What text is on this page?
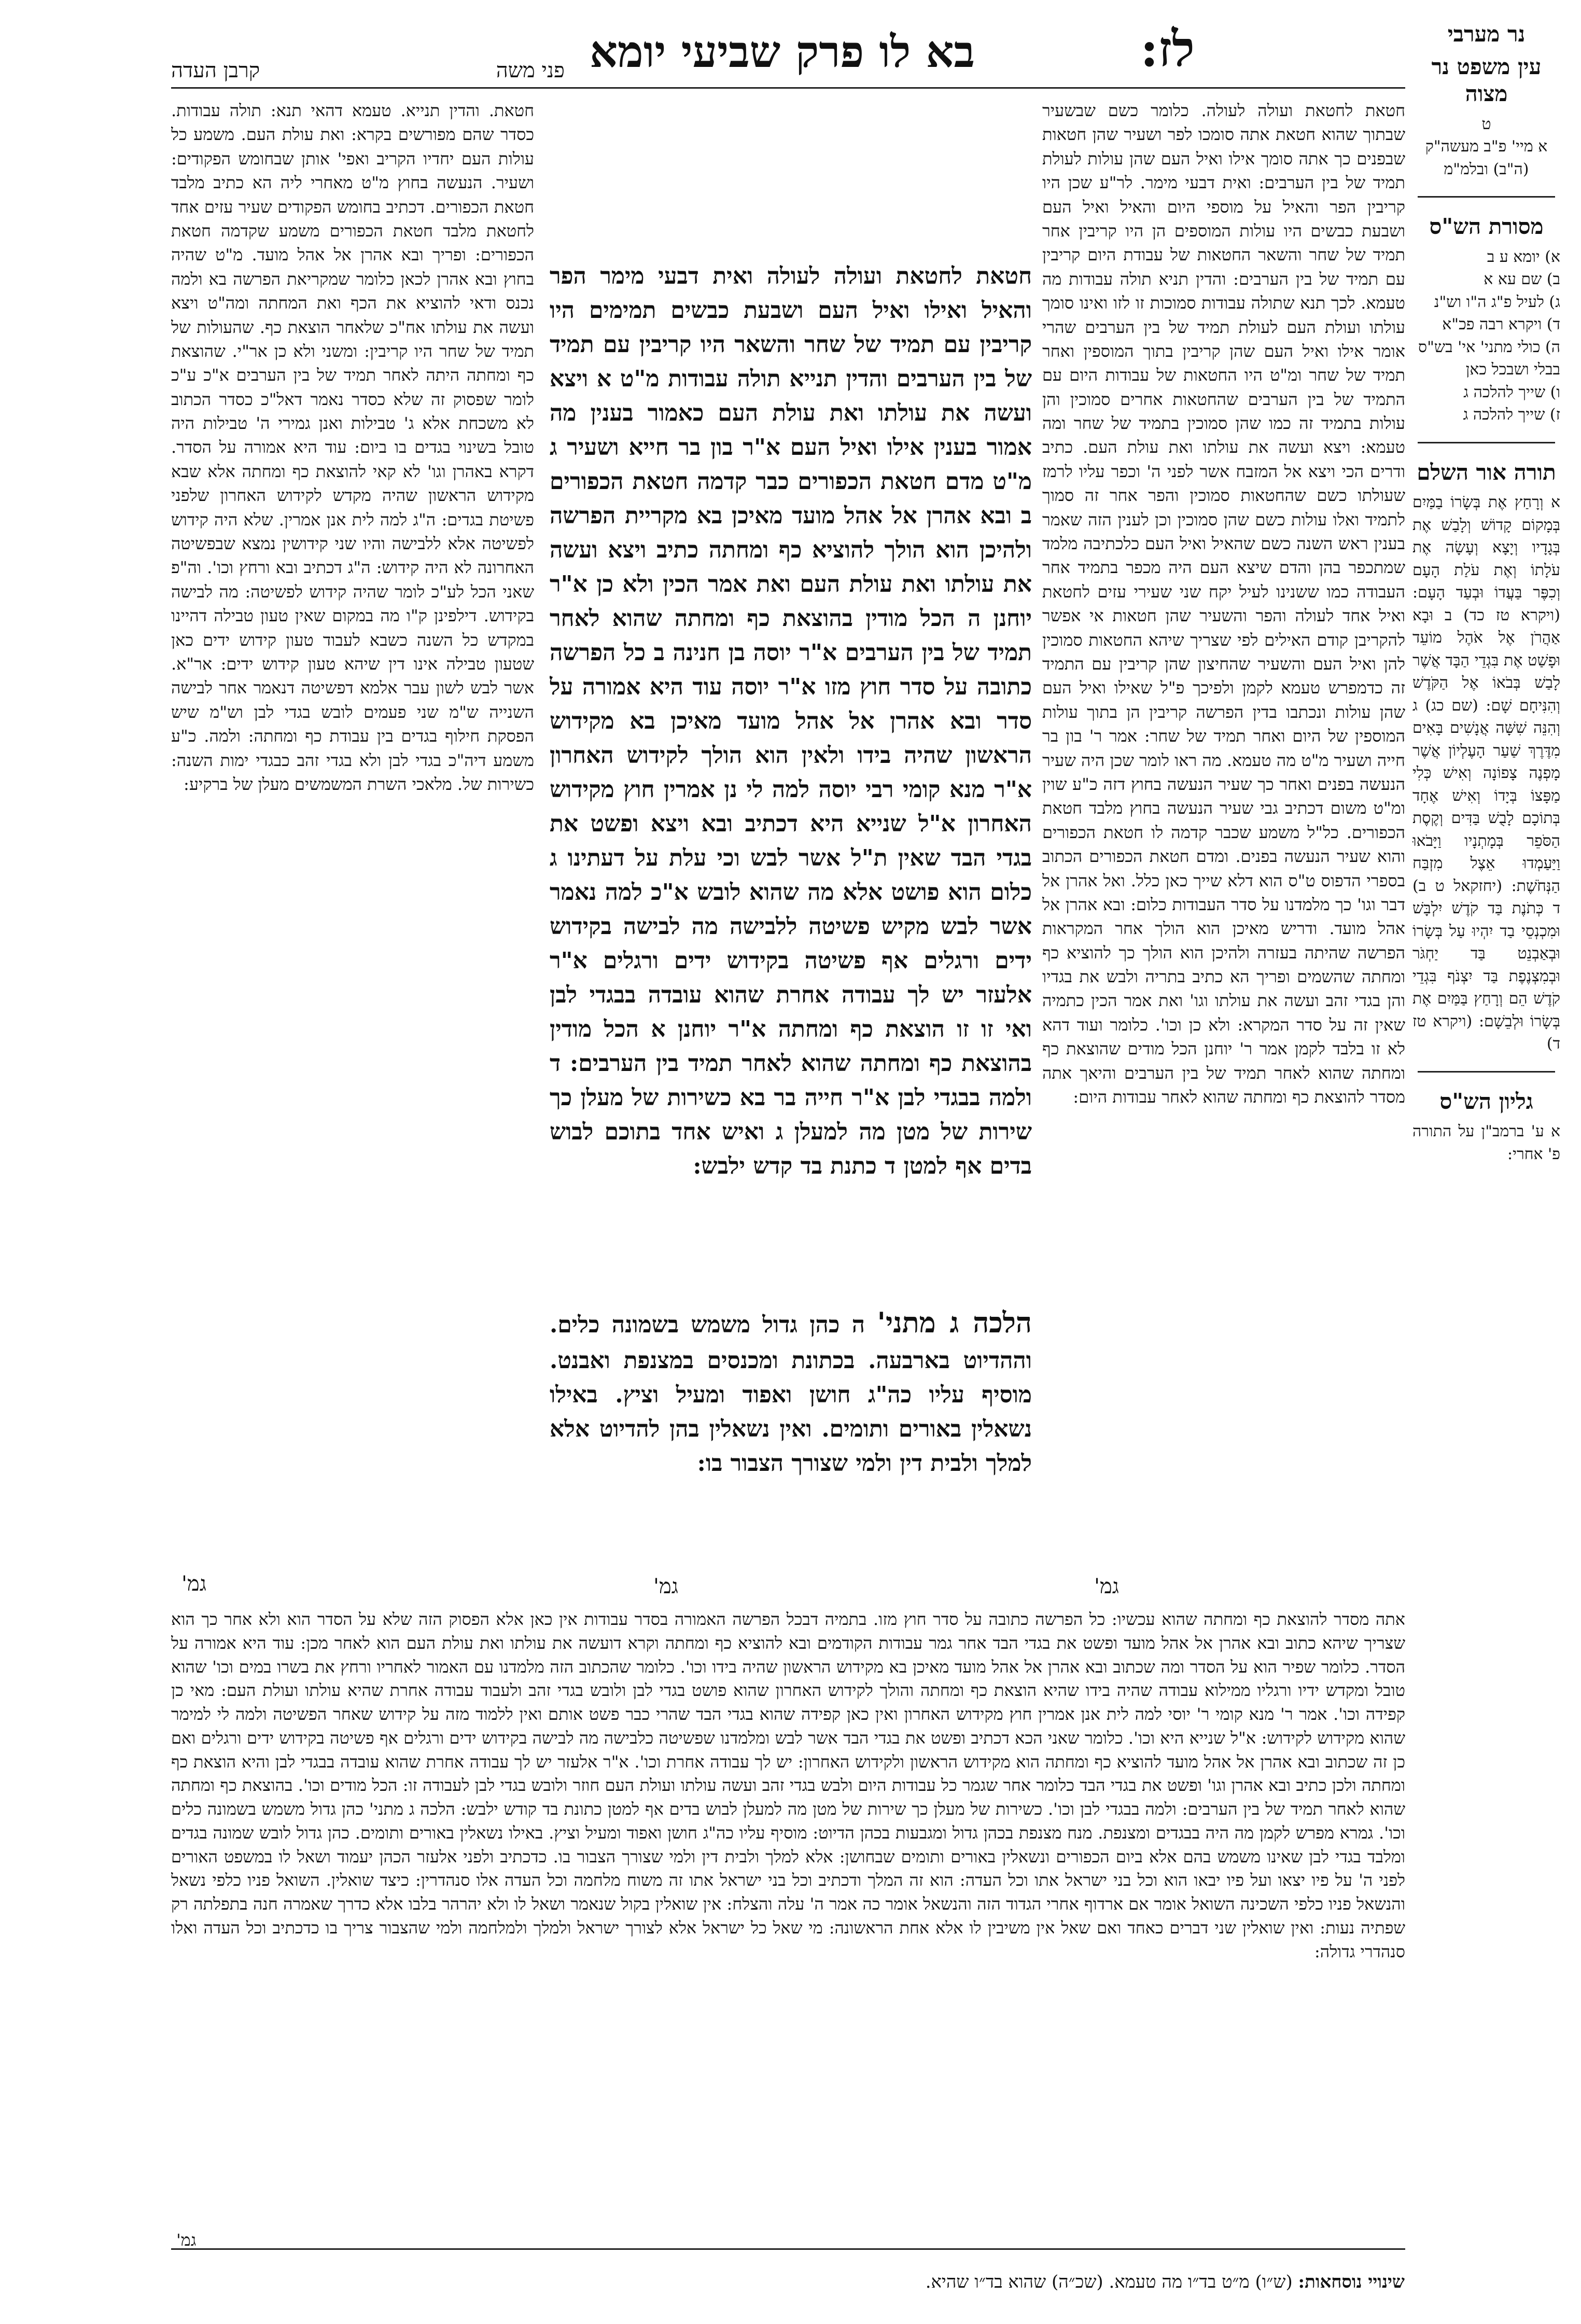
לז:
בא לו פרק שביעי יומא
פני משה
קרבן העדה
נר מערבי
עין משפט נר מצוה
ט
א מיי' פ"ב מעשה"ק
(ה"ב) ובלמ"מ
מסורת הש"ס
א) יומא ע ב
ב) שם עא א
ג) לעיל פ"ג ה"ו וש"נ
ד) ויקרא רבה פכ"א
ה) כולי מתני' אי' בש"ס
בבלי ושבכל כאן
ו) שייך להלכה ג
ז) שייך להלכה ג
תורה אור השלם
א וְרָחַץ אֶת בְּשָׂרוֹ בַמַּיִם בְּמָקוֹם קָדוֹשׁ וְלָבַשׁ אֶת בְּגָדָיו וְיָצָא וְעָשָׂה אֶת עֹלָתוֹ וְאֶת עֹלַת הָעָם וְכִפֶּר בַּעֲדוֹ וּבְעַד הָעָם: (ויקרא טז כד) ב וּבָא אַהֲרֹן אֶל אֹהֶל מוֹעֵד וּפָשַׁט אֶת בִּגְדֵי הַבָּד אֲשֶׁר לָבַשׁ בְּבֹאוֹ אֶל הַקֹּדֶשׁ וְהִנִּיחָם שָׁם: (שם כג) ג וְהִנֵּה שִׁשָּׁה אֲנָשִׁים בָּאִים מִדֶּרֶךְ שַׁעַר הָעֶלְיוֹן אֲשֶׁר מָפְנֶה צָפוֹנָה וְאִישׁ כְּלִי מַפָּצוֹ בְּיָדוֹ וְאִישׁ אֶחָד בְּתוֹכָם לָבֻשׁ בַּדִּים וְקֶסֶת הַסֹּפֵר בְּמָתְנָיו וַיָּבֹאוּ וַיַּעַמְדוּ אֵצֶל מִזְבַּח הַנְּחֹשֶׁת: (יחזקאל ט ב) ד כְּתֹנֶת בַּד קֹדֶשׁ יִלְבָּשׁ וּמִכְנְסֵי בַד יִהְיוּ עַל בְּשָׂרוֹ וּבְאַבְנֵט בַּד יַחְגֹּר וּבְמִצְנֶפֶת בַּד יִצְנֹף בִּגְדֵי קֹדֶשׁ הֵם וְרָחַץ בַּמַּיִם אֶת בְּשָׂרוֹ וּלְבֵשָׁם: (ויקרא טז ד)
גליון הש"ס
א ע' ברמב"ן על התורה פ' אחרי:
חטאת לחטאת ועולה לעולה. כלומר כשם שבשעיר שבתוך שהוא חטאת אתה סומכו לפר ושעיר שהן חטאות שבפנים כך אתה סומך אילו ואיל העם שהן עולות לעולת תמיד של בין הערבים: ואית דבעי מימר. לר"ע שכן היו קריבין הפר והאיל על מוספי היום והאיל ואיל העם ושבעת כבשים היו עולות המוספים הן היו קריבין אחר תמיד של שחר והשאר החטאות של עבודת היום קריבין עם תמיד של בין הערבים: והדין תניא תולה עבודות מה טעמא. לכך תנא שתולה עבודות סמוכות זו לזו ואינו סומך עולתו ועולת העם לעולת תמיד של בין הערבים שהרי אומר אילו ואיל העם שהן קריבין בתוך המוספין ואחר תמיד של שחר ומ"ט היו החטאות של עבודות היום עם התמיד של בין הערבים שהחטאות אחרים סמוכין והן עולות בתמיד זה כמו שהן סמוכין בתמיד של שחר ומה טעמא: ויצא ועשה את עולתו ואת עולת העם. כתיב ודרים הכי ויצא אל המזבח אשר לפני ה' וכפר עליו לרמז שעולתו כשם שהחטאות סמוכין והפר אחר זה סמוך לתמיד ואלו עולות כשם שהן סמוכין וכן לענין הזה שאמר בענין ראש השנה כשם שהאיל ואיל העם כלכתיבה מלמד שמתכפר בהן והדם שיצא העם היה מכפר בתמיד אחר העבודה כמו ששנינו לעיל יקח שני שעירי עזים לחטאת ואיל אחד לעולה והפר והשעיר שהן חטאות אי אפשר להקריבן קודם האילים לפי שצריך שיהא החטאות סמוכין להן ואיל העם והשעיר שהחיצון שהן קריבין עם התמיד זה כדמפרש טעמא לקמן ולפיכך פ"ל שאילו ואיל העם שהן עולות ונכתבו בדין הפרשה קריבין הן בתוך עולות המוספין של היום ואחר תמיד של שחר: אמר ר' בון בר חייה ושעיר מ"ט מה טעמא. מה ראו לומר שכן היה שעיר הנעשה בפנים ואחר כך שעיר הנעשה בחוץ דזה כ"ע שוין ומ"ט משום דכתיב גבי שעיר הנעשה בחוץ מלבד חטאת הכפורים. כל"ל משמע שכבר קדמה לו חטאת הכפורים והוא שעיר הנעשה בפנים. ומדם חטאת הכפורים הכתוב בספרי הדפוס ט"ס הוא דלא שייך כאן כלל. ואל אהרן אל דבר וגו' כך מלמדנו על סדר העבודות כלום: ובא אהרן אל אהל מועד. ודריש מאיכן הוא הולך אחר המקראות הפרשה שהיתה בעזרה ולהיכן הוא הולך כך להוציא כף ומחתה שהשמים ופריך הא כתיב בתריה ולבש את בגדיו והן בגדי זהב ועשה את עולתו וגו' ואת אמר הכין כתמיה שאין זה על סדר המקרא: ולא כן וכו'. כלומר ועוד דהא לא זו בלבד לקמן אמר ר' יוחנן הכל מודים שהוצאת כף ומחתה שהוא לאחר תמיד של בין הערבים והיאך אתה מסדר להוצאת כף ומחתה שהוא לאחר עבודות היום:
חטאת לחטאת ועולה לעולה ואית דבעי מימר הפר והאיל ואילו ואיל העם ושבעת כבשים תמימים היו קריבין עם תמיד של שחר והשאר היו קריבין עם תמיד של בין הערבים והדין תנייא תולה עבודות מ"ט א ויצא ועשה את עולתו ואת עולת העם כאמור בענין מה אמור בענין אילו ואיל העם א"ר בון בר חייא ושעיר ג מ"ט מדם חטאת הכפורים כבר קדמה חטאת הכפורים ב ובא אהרן אל אהל מועד מאיכן בא מקריית הפרשה ולהיכן הוא הולך להוציא כף ומחתה כתיב ויצא ועשה את עולתו ואת עולת העם ואת אמר הכין ולא כן א"ר יוחנן ה הכל מודין בהוצאת כף ומחתה שהוא לאחר תמיד של בין הערבים א"ר יוסה בן חנינה ב כל הפרשה כתובה על סדר חוץ מזו א"ר יוסה עוד היא אמורה על סדר ובא אהרן אל אהל מועד מאיכן בא מקידוש הראשון שהיה בידו ולאין הוא הולך לקידוש האחרון א"ר מנא קומי רבי יוסה למה לי נן אמרין חוץ מקידוש האחרון א"ל שנייא היא דכתיב ובא ויצא ופשט את בגדי הבד שאין ת"ל אשר לבש וכי עלת על דעתינו ג כלום הוא פושט אלא מה שהוא לובש א"כ למה נאמר אשר לבש מקיש פשיטה ללבישה מה לבישה בקידוש ידים ורגלים אף פשיטה בקידוש ידים ורגלים א"ר אלעזר יש לך עבודה אחרת שהוא עובדה בבגדי לבן ואי זו זו הוצאת כף ומחתה א"ר יוחנן א הכל מודין בהוצאת כף ומחתה שהוא לאחר תמיד בין הערבים: ד ולמה בבגדי לבן א"ר חייה בר בא כשירות של מעלן כך שירות של מטן מה למעלן ג ואיש אחד בתוכם לבוש בדים אף למטן ד כתנת בד קדש ילבש:
הלכה ג מתני' ה כהן גדול משמש בשמונה כלים. וההדיוט בארבעה. בכתונת ומכנסים במצנפת ואבנט. מוסיף עליו כה"ג חושן ואפוד ומעיל וציץ. באילו נשאלין באורים ותומים. ואין נשאלין בהן להדיוט אלא למלך ולבית דין ולמי שצורך הצבור בו:
חטאת. והדין תנייא. טעמא דהאי תנא: תולה עבודות. כסדר שהם מפורשים בקרא: ואת עולת העם. משמע כל עולות העם יחדיו הקריב ואפי' אותן שבחומש הפקודים: ושעיר. הנעשה בחוץ מ"ט מאחרי ליה הא כתיב מלבד חטאת הכפורים. דכתיב בחומש הפקודים שעיר עזים אחד לחטאת מלבד חטאת הכפורים משמע שקדמה חטאת הכפורים: ופריך ובא אהרן אל אהל מועד. מ"ט שהיה בחוץ ובא אהרן לכאן כלומר שמקריאת הפרשה בא ולמה נכנס ודאי להוציא את הכף ואת המחתה ומה"ט ויצא ועשה את עולתו אח"כ שלאחר הוצאת כף. שהעולות של תמיד של שחר היו קריבין: ומשני ולא כן אר"י. שהוצאת כף ומחתה היתה לאחר תמיד של בין הערבים א"כ ע"כ לומר שפסוק זה שלא כסדר נאמר דאל"כ כסדר הכתוב לא משכחת אלא ג' טבילות ואנן גמירי ה' טבילות היה טובל בשינוי בגדים בו ביום: עוד היא אמורה על הסדר. דקרא באהרן וגו' לא קאי להוצאת כף ומחתה אלא שבא מקידוש הראשון שהיה מקדש לקידוש האחרון שלפני פשיטת בגדים: ה"ג למה לית אנן אמרין. שלא היה קידוש לפשיטה אלא ללבישה והיו שני קידושין נמצא שבפשיטה האחרונה לא היה קידוש: ה"ג דכתיב ובא ורחץ וכו'. וה"פ שאני הכל לע"כ לומר שהיה קידוש לפשיטה: מה לבישה בקידוש. דילפינן ק"ו מה במקום שאין טעון טבילה דהיינו במקדש כל השנה כשבא לעבוד טעון קידוש ידים כאן שטעון טבילה אינו דין שיהא טעון קידוש ידים: אר"א. אשר לבש לשון עבר אלמא דפשיטה דנאמר אחר לבישה השנייה ש"מ שני פעמים לובש בגדי לבן וש"מ שיש הפסקת חילוף בגדים בין עבודת כף ומחתה: ולמה. כ"ע משמע דיה"כ בגדי לבן ולא בגדי זהב כבגדי ימות השנה: כשירות של. מלאכי השרת המשמשים מעלן של ברקיע:
גמ'	גמ'	גמ'
אתה מסדר להוצאת כף ומחתה שהוא עכשיו: כל הפרשה כתובה על סדר חוץ מזו. בתמיה דבכל הפרשה האמורה בסדר עבודות אין כאן אלא הפסוק הזה שלא על הסדר הוא ולא אחר כך הוא שצריך שיהא כתוב ובא אהרן אל אהל מועד ופשט את בגדי הבד אחר גמר עבודות הקודמים ובא להוציא כף ומחתה וקרא דועשה את עולתו ואת עולת העם הוא לאחר מכן: עוד היא אמורה על הסדר. כלומר שפיר הוא על הסדר ומה שכתוב ובא אהרן אל אהל מועד מאיכן בא מקידוש הראשון שהיה בידו וכו'. כלומר שהכתוב הזה מלמדנו עם האמור לאחריו ורחץ את בשרו במים וכו' שהוא טובל ומקדש ידיו ורגליו ממילוא עבודה שהיה בידו שהיא הוצאת כף ומחתה והולך לקידוש האחרון שהוא פושט בגדי לבן ולובש בגדי זהב ולעבוד עבודה אחרת שהיא עולתו ועולת העם: מאי כן קפידה וכו'. אמר ר' מנא קומי ר' יוסי למה לית אנן אמרין חוץ מקידוש האחרון ואין כאן קפידה שהוא בגדי הבד שהרי כבר פשט אותם ואין ללמוד מזה על קידוש שאחר הפשיטה ולמה לי למימר שהוא מקידוש לקידוש: א"ל שנייא היא וכו'. כלומר שאני הכא דכתיב ופשט את בגדי הבד אשר לבש ומלמדנו שפשיטה כלבישה מה לבישה בקידוש ידים ורגלים אף פשיטה בקידוש ידים ורגלים ואם כן זה שכתוב ובא אהרן אל אהל מועד להוציא כף ומחתה הוא מקידוש הראשון ולקידוש האחרון: יש לך עבודה אחרת וכו'. א"ר אלעזר יש לך עבודה אחרת שהוא עובדה בבגדי לבן והיא הוצאת כף ומחתה ולכן כתיב ובא אהרן וגו' ופשט את בגדי הבד כלומר אחר שגמר כל עבודות היום ולבש בגדי זהב ועשה עולתו ועולת העם חוזר ולובש בגדי לבן לעבודה זו: הכל מודים וכו'. בהוצאת כף ומחתה שהוא לאחר תמיד של בין הערבים: ולמה בבגדי לבן וכו'. כשירות של מעלן כך שירות של מטן מה למעלן לבוש בדים אף למטן כתונת בד קודש ילבש: הלכה ג מתני' כהן גדול משמש בשמונה כלים וכו'. גמרא מפרש לקמן מה היה בבגדים ומצנפת. מנח מצנפת בכהן גדול ומגבעות בכהן הדיוט: מוסיף עליו כה"ג חושן ואפוד ומעיל וציץ. באילו נשאלין באורים ותומים. כהן גדול לובש שמונה בגדים ומלבד בגדי לבן שאינו משמש בהם אלא ביום הכפורים ונשאלין באורים ותומים שבחושן: אלא למלך ולבית דין ולמי שצורך הצבור בו. כדכתיב ולפני אלעזר הכהן יעמוד ושאל לו במשפט האורים לפני ה' על פיו יצאו ועל פיו יבאו הוא וכל בני ישראל אתו וכל העדה: הוא זה המלך ודכתיב וכל בני ישראל אתו זה משוח מלחמה וכל העדה אלו סנהדרין: כיצד שואלין. השואל פניו כלפי נשאל והנשאל פניו כלפי השכינה השואל אומר אם ארדוף אחרי הגדוד הזה והנשאל אומר כה אמר ה' עלה והצלח: אין שואלין בקול שנאמר ושאל לו ולא יהרהר בלבו אלא כדרך שאמרה חנה בתפלתה רק שפתיה נעות: ואין שואלין שני דברים כאחד ואם שאל אין משיבין לו אלא אחת הראשונה: מי שאל כל ישראל אלא לצורך ישראל ולמלך ולמלחמה ולמי שהצבור צריך בו כדכתיב וכל העדה ואלו סנהדרי גדולה:
גמ'
שינויי נוסחאות: (ש״ו) מ״ט בד״ו מה טעמא. (שכ״ה) שהוא בד״ו שהיא.
